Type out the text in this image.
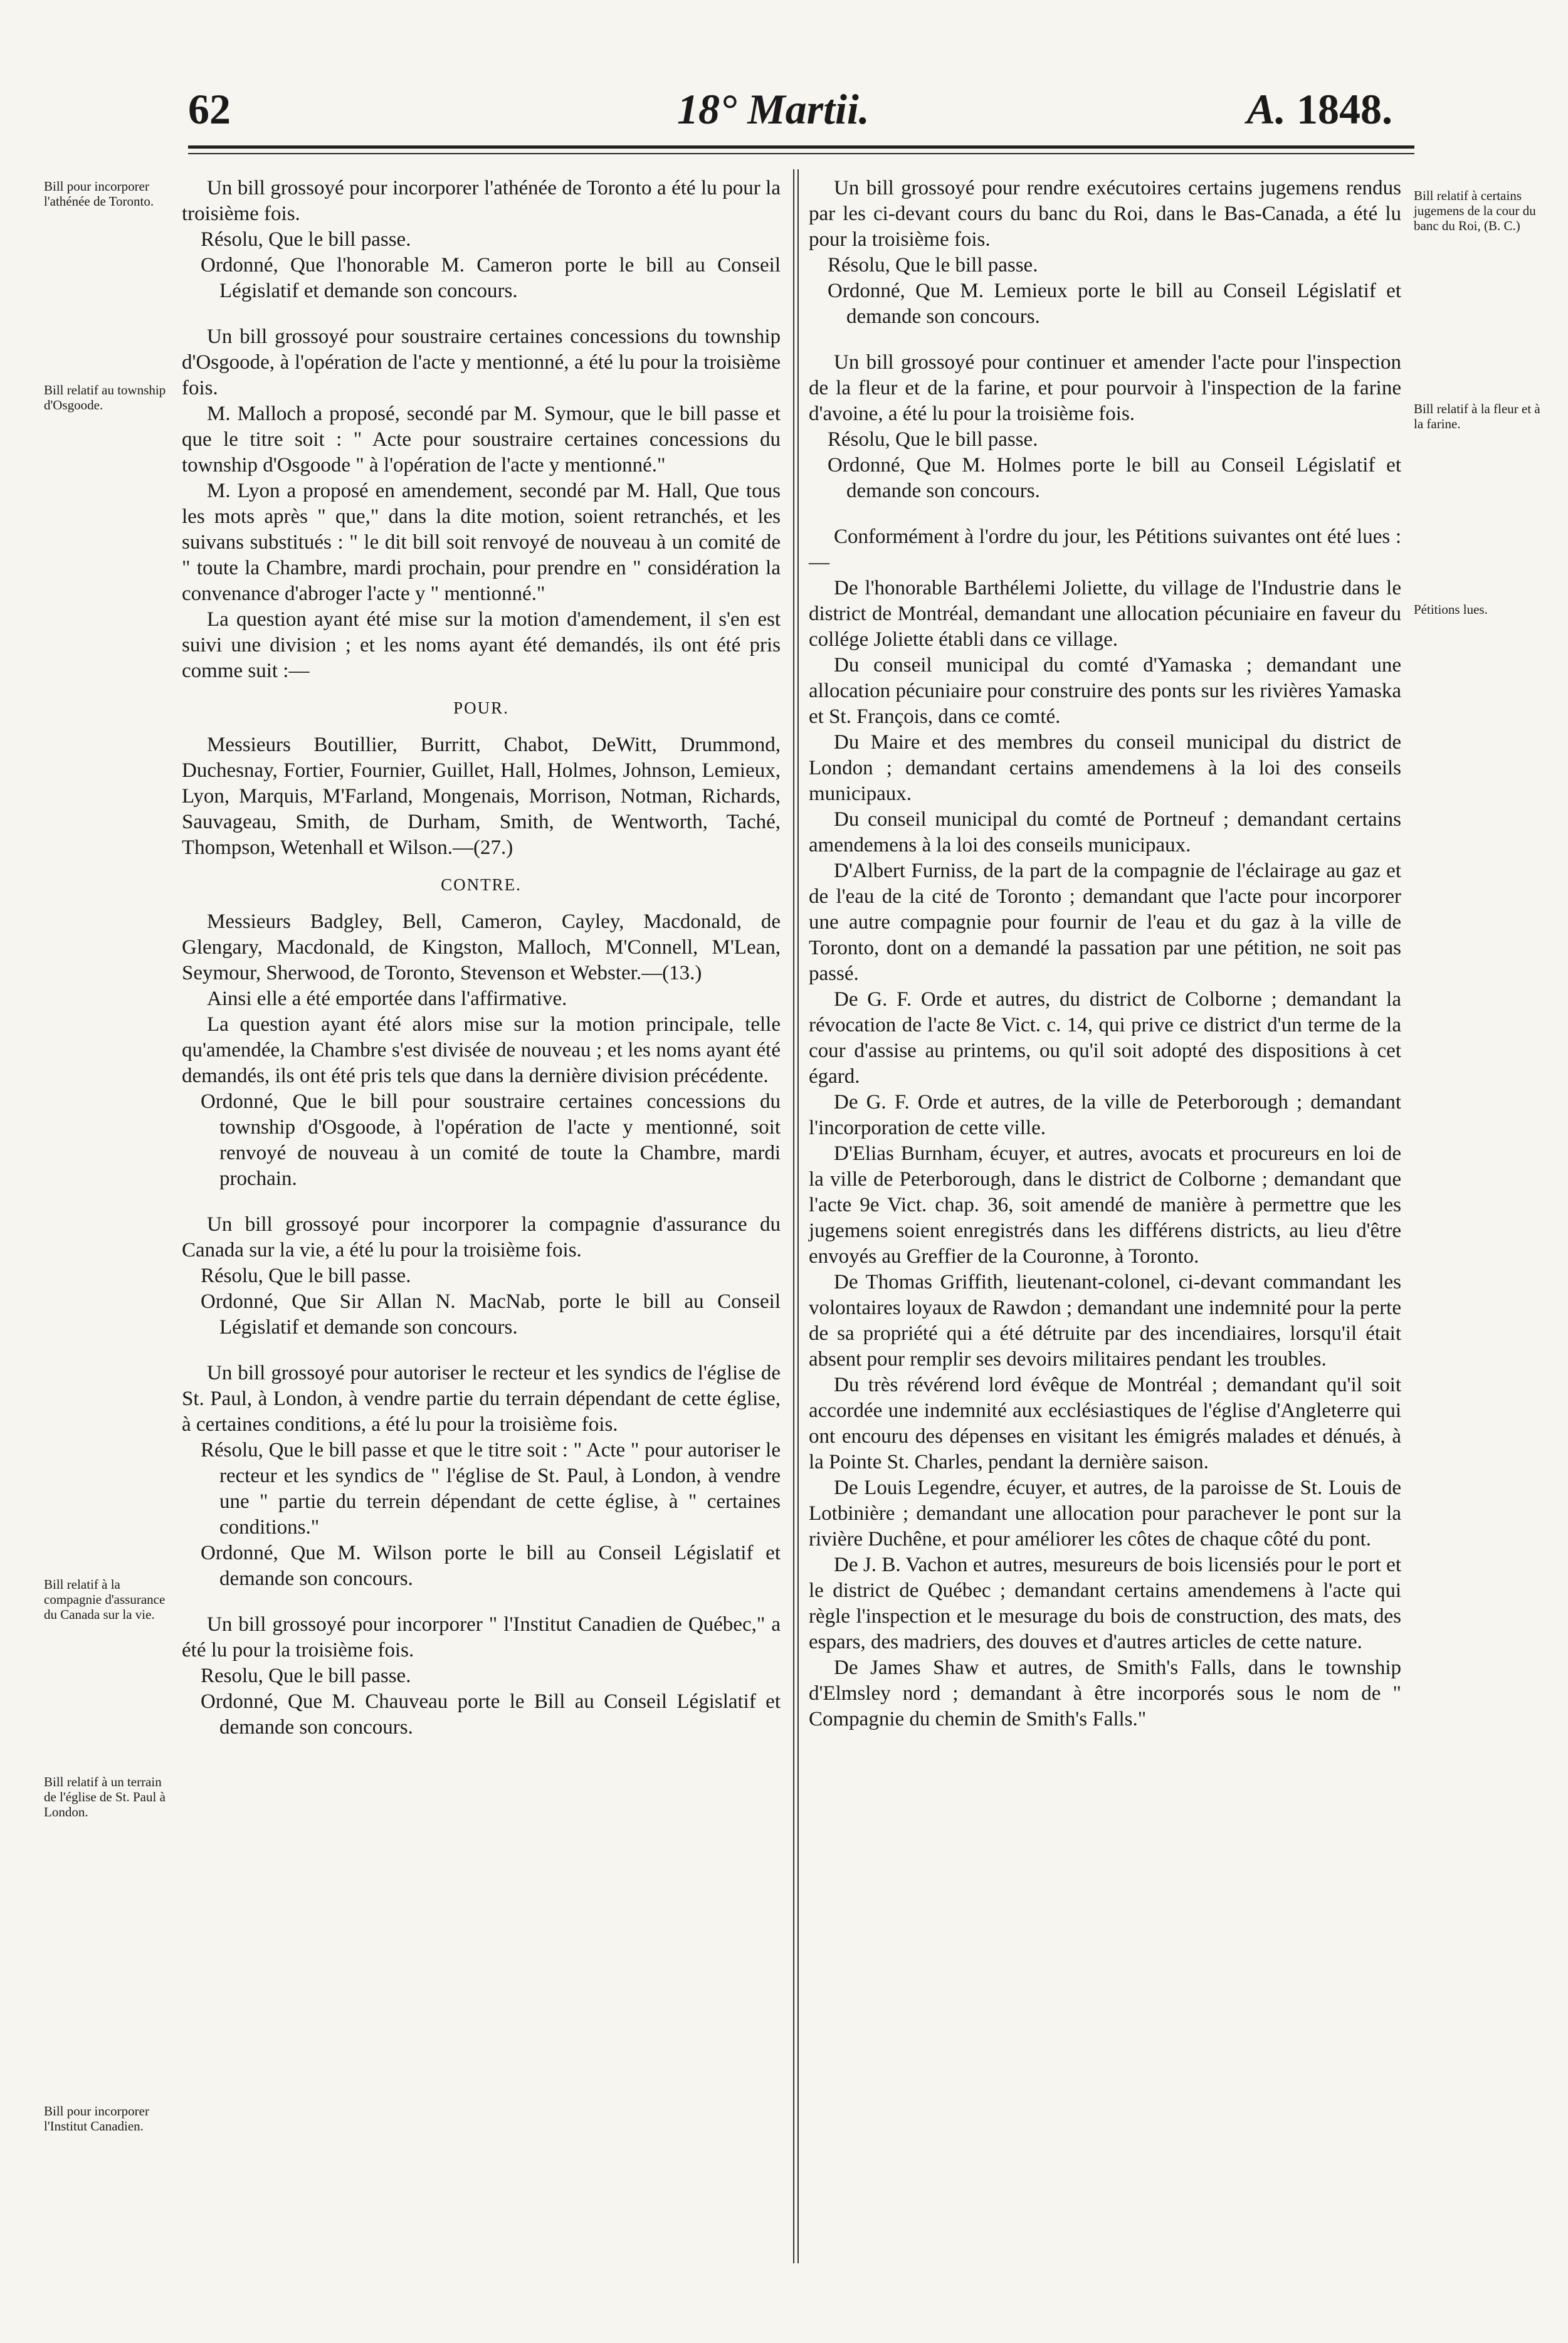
62	18° Martii.	A. 1848.
Bill pour incorporer l'athénée de Toronto.
Bill relatif au township d'Osgoode.
Bill relatif à la compagnie d'assurance du Canada sur la vie.
Bill relatif à un terrain de l'église de St. Paul à London.
Bill pour incorporer l'Institut Canadien.
Bill relatif à certains jugemens de la cour du banc du Roi, (B. C.)
Bill relatif à la fleur et à la farine.
Pétitions lues.

Un bill grossoyé pour incorporer l'athénée de Toronto a été lu pour la troisième fois.

Résolu, Que le bill passe.

Ordonné, Que l'honorable M. Cameron porte le bill au Conseil Législatif et demande son concours.

Un bill grossoyé pour soustraire certaines concessions du township d'Osgoode, à l'opération de l'acte y mentionné, a été lu pour la troisième fois.

M. Malloch a proposé, secondé par M. Symour, que le bill passe et que le titre soit : " Acte pour soustraire certaines concessions du township d'Osgoode " à l'opération de l'acte y mentionné."

M. Lyon a proposé en amendement, secondé par M. Hall, Que tous les mots après " que," dans la dite motion, soient retranchés, et les suivans substitués : " le dit bill soit renvoyé de nouveau à un comité de " toute la Chambre, mardi prochain, pour prendre en " considération la convenance d'abroger l'acte y " mentionné."

La question ayant été mise sur la motion d'amendement, il s'en est suivi une division ; et les noms ayant été demandés, ils ont été pris comme suit :—

POUR.

Messieurs Boutillier, Burritt, Chabot, DeWitt, Drummond, Duchesnay, Fortier, Fournier, Guillet, Hall, Holmes, Johnson, Lemieux, Lyon, Marquis, M'Farland, Mongenais, Morrison, Notman, Richards, Sauvageau, Smith, de Durham, Smith, de Wentworth, Taché, Thompson, Wetenhall et Wilson.—(27.)

CONTRE.

Messieurs Badgley, Bell, Cameron, Cayley, Macdonald, de Glengary, Macdonald, de Kingston, Malloch, M'Connell, M'Lean, Seymour, Sherwood, de Toronto, Stevenson et Webster.—(13.)

Ainsi elle a été emportée dans l'affirmative.

La question ayant été alors mise sur la motion principale, telle qu'amendée, la Chambre s'est divisée de nouveau ; et les noms ayant été demandés, ils ont été pris tels que dans la dernière division précédente.

Ordonné, Que le bill pour soustraire certaines concessions du township d'Osgoode, à l'opération de l'acte y mentionné, soit renvoyé de nouveau à un comité de toute la Chambre, mardi prochain.

Un bill grossoyé pour incorporer la compagnie d'assurance du Canada sur la vie, a été lu pour la troisième fois.

Résolu, Que le bill passe.

Ordonné, Que Sir Allan N. MacNab, porte le bill au Conseil Législatif et demande son concours.

Un bill grossoyé pour autoriser le recteur et les syndics de l'église de St. Paul, à London, à vendre partie du terrain dépendant de cette église, à certaines conditions, a été lu pour la troisième fois.

Résolu, Que le bill passe et que le titre soit : " Acte " pour autoriser le recteur et les syndics de " l'église de St. Paul, à London, à vendre une " partie du terrein dépendant de cette église, à " certaines conditions."

Ordonné, Que M. Wilson porte le bill au Conseil Législatif et demande son concours.

Un bill grossoyé pour incorporer " l'Institut Canadien de Québec," a été lu pour la troisième fois.

Resolu, Que le bill passe.

Ordonné, Que M. Chauveau porte le Bill au Conseil Législatif et demande son concours.

Un bill grossoyé pour rendre exécutoires certains jugemens rendus par les ci-devant cours du banc du Roi, dans le Bas-Canada, a été lu pour la troisième fois.

Résolu, Que le bill passe.

Ordonné, Que M. Lemieux porte le bill au Conseil Législatif et demande son concours.

Un bill grossoyé pour continuer et amender l'acte pour l'inspection de la fleur et de la farine, et pour pourvoir à l'inspection de la farine d'avoine, a été lu pour la troisième fois.

Résolu, Que le bill passe.

Ordonné, Que M. Holmes porte le bill au Conseil Législatif et demande son concours.

Conformément à l'ordre du jour, les Pétitions suivantes ont été lues :—

De l'honorable Barthélemi Joliette, du village de l'Industrie dans le district de Montréal, demandant une allocation pécuniaire en faveur du collége Joliette établi dans ce village.

Du conseil municipal du comté d'Yamaska ; demandant une allocation pécuniaire pour construire des ponts sur les rivières Yamaska et St. François, dans ce comté.

Du Maire et des membres du conseil municipal du district de London ; demandant certains amendemens à la loi des conseils municipaux.

Du conseil municipal du comté de Portneuf ; demandant certains amendemens à la loi des conseils municipaux.

D'Albert Furniss, de la part de la compagnie de l'éclairage au gaz et de l'eau de la cité de Toronto ; demandant que l'acte pour incorporer une autre compagnie pour fournir de l'eau et du gaz à la ville de Toronto, dont on a demandé la passation par une pétition, ne soit pas passé.

De G. F. Orde et autres, du district de Colborne ; demandant la révocation de l'acte 8e Vict. c. 14, qui prive ce district d'un terme de la cour d'assise au printems, ou qu'il soit adopté des dispositions à cet égard.

De G. F. Orde et autres, de la ville de Peterborough ; demandant l'incorporation de cette ville.

D'Elias Burnham, écuyer, et autres, avocats et procureurs en loi de la ville de Peterborough, dans le district de Colborne ; demandant que l'acte 9e Vict. chap. 36, soit amendé de manière à permettre que les jugemens soient enregistrés dans les différens districts, au lieu d'être envoyés au Greffier de la Couronne, à Toronto.

De Thomas Griffith, lieutenant-colonel, ci-devant commandant les volontaires loyaux de Rawdon ; demandant une indemnité pour la perte de sa propriété qui a été détruite par des incendiaires, lorsqu'il était absent pour remplir ses devoirs militaires pendant les troubles.

Du très révérend lord évêque de Montréal ; demandant qu'il soit accordée une indemnité aux ecclésiastiques de l'église d'Angleterre qui ont encouru des dépenses en visitant les émigrés malades et dénués, à la Pointe St. Charles, pendant la dernière saison.

De Louis Legendre, écuyer, et autres, de la paroisse de St. Louis de Lotbinière ; demandant une allocation pour parachever le pont sur la rivière Duchêne, et pour améliorer les côtes de chaque côté du pont.

De J. B. Vachon et autres, mesureurs de bois licensiés pour le port et le district de Québec ; demandant certains amendemens à l'acte qui règle l'inspection et le mesurage du bois de construction, des mats, des espars, des madriers, des douves et d'autres articles de cette nature.

De James Shaw et autres, de Smith's Falls, dans le township d'Elmsley nord ; demandant à être incorporés sous le nom de " Compagnie du chemin de Smith's Falls."
